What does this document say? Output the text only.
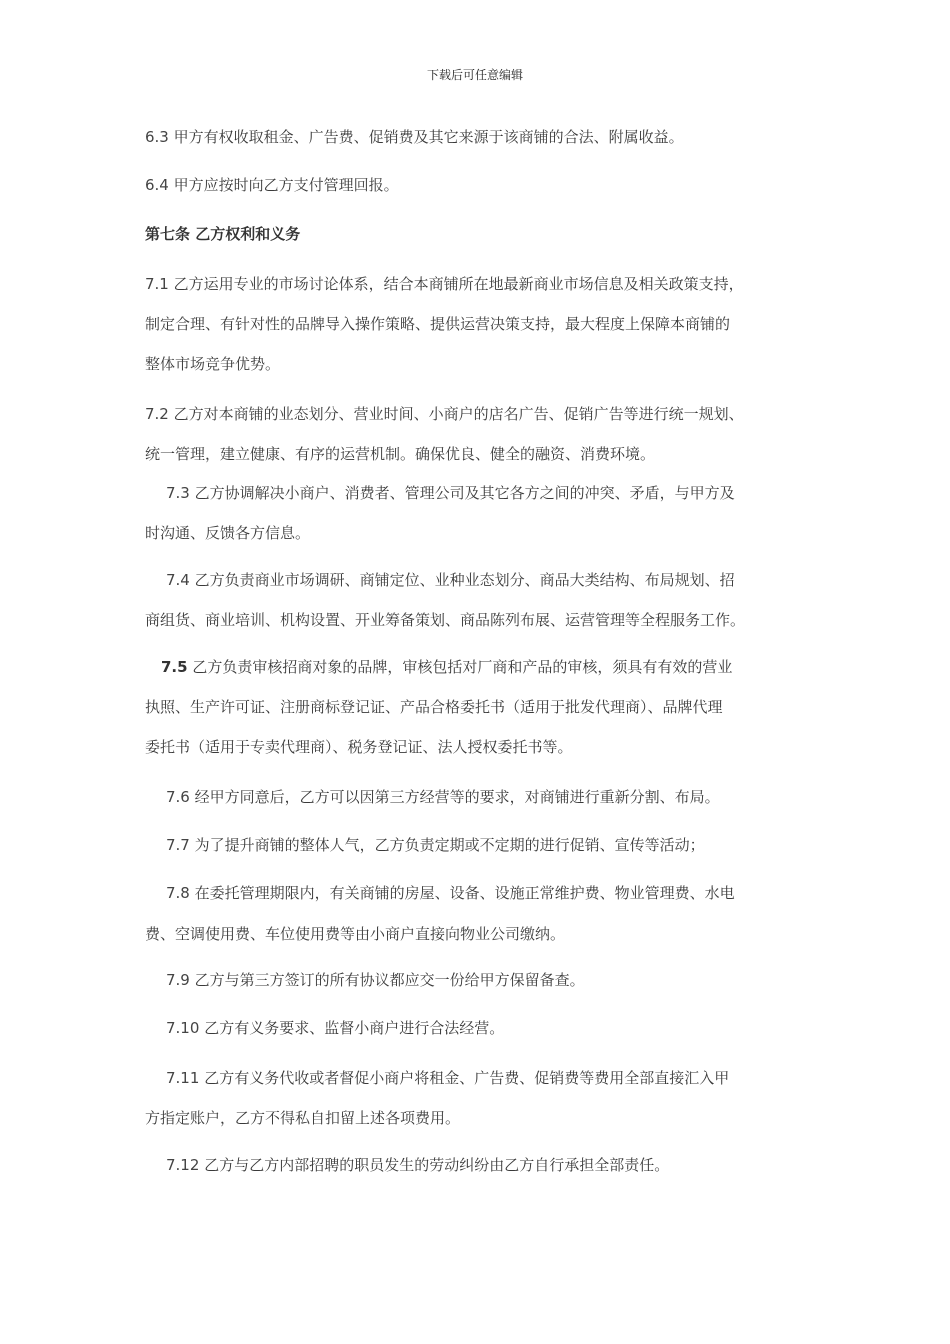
下载后可任意编辑
6.3 甲方有权收取租金、广告费、促销费及其它来源于该商铺的合法、附属收益。
6.4 甲方应按时向乙方支付管理回报。
第七条 乙方权利和义务
7.1 乙方运用专业的市场讨论体系，结合本商铺所在地最新商业市场信息及相关政策支持，
制定合理、有针对性的品牌导入操作策略、提供运营决策支持，最大程度上保障本商铺的
整体市场竞争优势。
7.2 乙方对本商铺的业态划分、营业时间、小商户的店名广告、促销广告等进行统一规划、
统一管理，建立健康、有序的运营机制。确保优良、健全的融资、消费环境。
7.3 乙方协调解决小商户、消费者、管理公司及其它各方之间的冲突、矛盾，与甲方及
时沟通、反馈各方信息。
7.4 乙方负责商业市场调研、商铺定位、业种业态划分、商品大类结构、布局规划、招
商组货、商业培训、机构设置、开业筹备策划、商品陈列布展、运营管理等全程服务工作。
7.5 乙方负责审核招商对象的品牌，审核包括对厂商和产品的审核，须具有有效的营业
执照、生产许可证、注册商标登记证、产品合格委托书（适用于批发代理商）、品牌代理
委托书（适用于专卖代理商）、税务登记证、法人授权委托书等。
7.6 经甲方同意后，乙方可以因第三方经营等的要求，对商铺进行重新分割、布局。
7.7 为了提升商铺的整体人气，乙方负责定期或不定期的进行促销、宣传等活动；
7.8 在委托管理期限内，有关商铺的房屋、设备、设施正常维护费、物业管理费、水电
费、空调使用费、车位使用费等由小商户直接向物业公司缴纳。
7.9 乙方与第三方签订的所有协议都应交一份给甲方保留备查。
7.10 乙方有义务要求、监督小商户进行合法经营。
7.11 乙方有义务代收或者督促小商户将租金、广告费、促销费等费用全部直接汇入甲
方指定账户，乙方不得私自扣留上述各项费用。
7.12 乙方与乙方内部招聘的职员发生的劳动纠纷由乙方自行承担全部责任。
